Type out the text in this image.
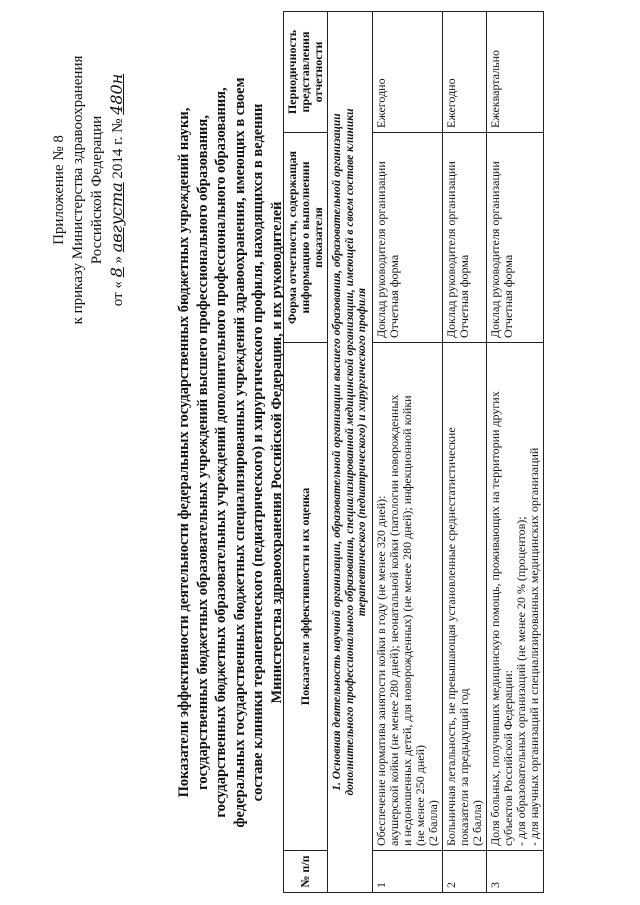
Приложение № 8 к приказу Министерства здравоохранения Российской Федерации
от « 8 » августа 2014 г. № 480н
Показатели эффективности деятельности федеральных государственных бюджетных учреждений науки, государственных бюджетных образовательных учреждений высшего профессионального образования, государственных бюджетных образовательных учреждений дополнительного профессионального образования, федеральных государственных бюджетных специализированных учреждений здравоохранения, имеющих в своем составе клиники терапевтического (педиатрического) и хирургического профиля, находящихся в ведении Министерства здравоохранения Российской Федерации, и их руководителей
№ п/п	Показатели эффективности и их оценка	Форма отчетности, содержащая информацию о выполнении показателя	Периодичность представления отчетности

1. Основная деятельность научной организации, образовательной организации высшего образования, образовательной организации дополнительного профессионального образования, специализированной медицинской организации, имеющей в своем составе клиники терапевтического (педиатрического) и хирургического профиля			

1	Обеспечение норматива занятости койки в году (не менее 320 дней): акушерской койки (не менее 280 дней); неонатальной койки (патологии новорожденных и недоношенных детей, для новорожденных) (не менее 280 дней); инфекционной койки (не менее 250 дней) (2 балла)	Доклад руководителя организации Отчетная форма	Ежегодно
2	Больничная летальность, не превышающая установленные среднестатистические показатели за предыдущий год (2 балла)	Доклад руководителя организации Отчетная форма	Ежегодно
3	Доля больных, получивших медицинскую помощь, проживающих на территории других субъектов Российской Федерации: - для образовательных организаций (не менее 20 % (процентов); - для научных организаций и специализированных медицинских организаций	Доклад руководителя организации Отчетная форма	Ежеквартально
